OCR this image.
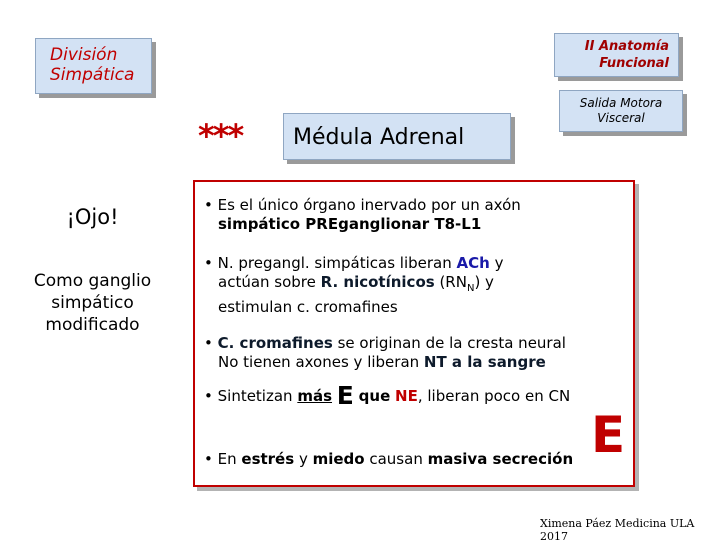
División
Simpática
II Anatomía
Funcional
Salida Motora
Visceral
***	Médula Adrenal
¡Ojo!
Como ganglio
simpático
modificado
• Es el único órgano inervado por un axón
simpático PREganglionar T8-L1
• N. pregangl. simpáticas liberan ACh y
actúan sobre R. nicotínicos $(RN_N)$ y
estimulan c. cromafines
• C. cromafines se originan de la cresta neural
No tienen axones y liberan NT a la sangre
• Sintetizan más E que NE, liberan poco en CN
• En estrés y miedo causan masiva secreción E
Ximena Páez Medicina ULA 2017
